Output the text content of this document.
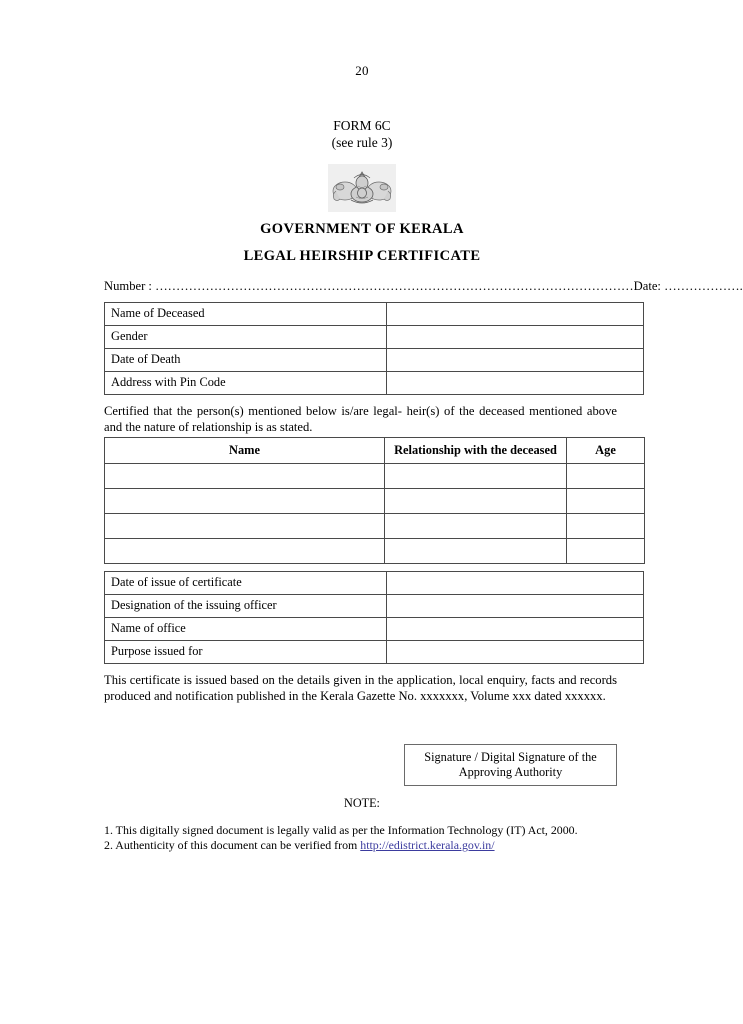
20
FORM 6C
(see rule 3)
GOVERNMENT OF KERALA
LEGAL HEIRSHIP CERTIFICATE
Number : ……………………………………………………………………………………………………Date: ……………….
Name of Deceased	
Gender	
Date of Death	
Address with Pin Code	
Certified that the person(s) mentioned below is/are legal- heir(s) of the deceased mentioned above and the nature of relationship is as stated.
Name	Relationship with the deceased	Age

Date of issue of certificate	
Designation of the issuing officer	
Name of office	
Purpose issued for	
This certificate is issued based on the details given in the application, local enquiry, facts and records produced and notification published in the Kerala Gazette No. xxxxxxx, Volume xxx dated xxxxxx.
Signature / Digital Signature of the
Approving Authority
NOTE:
1. This digitally signed document is legally valid as per the Information Technology (IT) Act, 2000.
2. Authenticity of this document can be verified from http://edistrict.kerala.gov.in/
